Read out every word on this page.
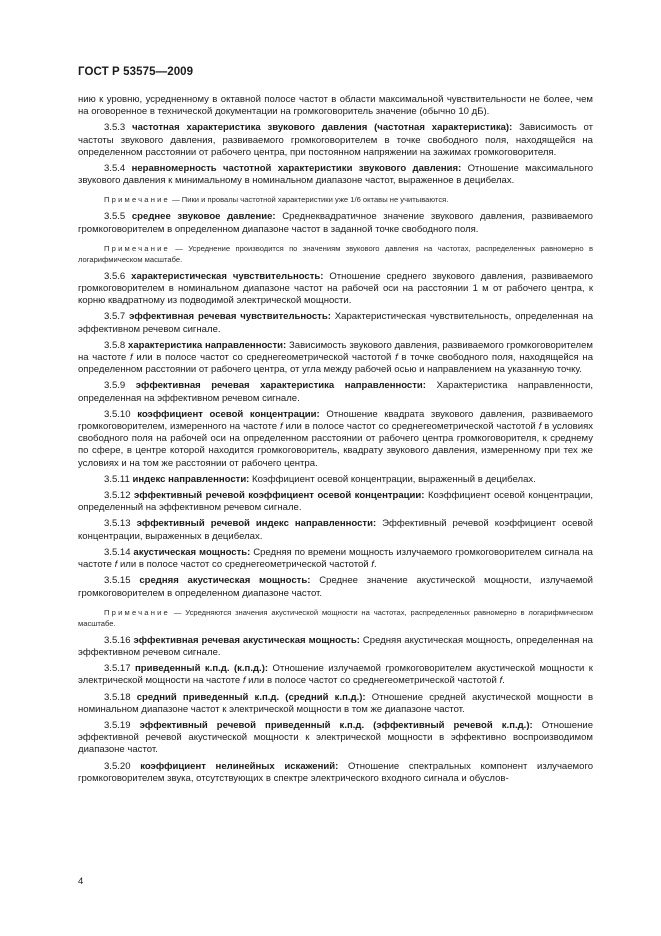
ГОСТ Р 53575—2009

нию к уровню, усредненному в октавной полосе частот в области максимальной чувствительности не более, чем на оговоренное в технической документации на громкоговоритель значение (обычно 10 дБ).

3.5.3 частотная характеристика звукового давления (частотная характеристика): Зависимость от частоты звукового давления, развиваемого громкоговорителем в точке свободного поля, находящейся на определенном расстоянии от рабочего центра, при постоянном напряжении на зажимах громкоговорителя.

3.5.4 неравномерность частотной характеристики звукового давления: Отношение максимального звукового давления к минимальному в номинальном диапазоне частот, выраженное в децибелах.

Примечание — Пики и провалы частотной характеристики уже 1/6 октавы не учитываются.

3.5.5 среднее звуковое давление: Среднеквадратичное значение звукового давления, развиваемого громкоговорителем в определенном диапазоне частот в заданной точке свободного поля.

Примечание — Усреднение производится по значениям звукового давления на частотах, распределенных равномерно в логарифмическом масштабе.

3.5.6 характеристическая чувствительность: Отношение среднего звукового давления, развиваемого громкоговорителем в номинальном диапазоне частот на рабочей оси на расстоянии 1 м от рабочего центра, к корню квадратному из подводимой электрической мощности.

3.5.7 эффективная речевая чувствительность: Характеристическая чувствительность, определенная на эффективном речевом сигнале.

3.5.8 характеристика направленности: Зависимость звукового давления, развиваемого громкоговорителем на частоте f или в полосе частот со среднегеометрической частотой f в точке свободного поля, находящейся на определенном расстоянии от рабочего центра, от угла между рабочей осью и направлением на указанную точку.

3.5.9 эффективная речевая характеристика направленности: Характеристика направленности, определенная на эффективном речевом сигнале.

3.5.10 коэффициент осевой концентрации: Отношение квадрата звукового давления, развиваемого громкоговорителем, измеренного на частоте f или в полосе частот со среднегеометрической частотой f в условиях свободного поля на рабочей оси на определенном расстоянии от рабочего центра громкоговорителя, к среднему по сфере, в центре которой находится громкоговоритель, квадрату звукового давления, измеренному при тех же условиях и на том же расстоянии от рабочего центра.

3.5.11 индекс направленности: Коэффициент осевой концентрации, выраженный в децибелах.

3.5.12 эффективный речевой коэффициент осевой концентрации: Коэффициент осевой концентрации, определенный на эффективном речевом сигнале.

3.5.13 эффективный речевой индекс направленности: Эффективный речевой коэффициент осевой концентрации, выраженных в децибелах.

3.5.14 акустическая мощность: Средняя по времени мощность излучаемого громкоговорителем сигнала на частоте f или в полосе частот со среднегеометрической частотой f.

3.5.15 средняя акустическая мощность: Среднее значение акустической мощности, излучаемой громкоговорителем в определенном диапазоне частот.

Примечание — Усредняются значения акустической мощности на частотах, распределенных равномерно в логарифмическом масштабе.

3.5.16 эффективная речевая акустическая мощность: Средняя акустическая мощность, определенная на эффективном речевом сигнале.

3.5.17 приведенный к.п.д. (к.п.д.): Отношение излучаемой громкоговорителем акустической мощности к электрической мощности на частоте f или в полосе частот со среднегеометрической частотой f.

3.5.18 средний приведенный к.п.д. (средний к.п.д.): Отношение средней акустической мощности в номинальном диапазоне частот к электрической мощности в том же диапазоне частот.

3.5.19 эффективный речевой приведенный к.п.д. (эффективный речевой к.п.д.): Отношение эффективной речевой акустической мощности к электрической мощности в эффективно воспроизводимом диапазоне частот.

3.5.20 коэффициент нелинейных искажений: Отношение спектральных компонент излучаемого громкоговорителем звука, отсутствующих в спектре электрического входного сигнала и обуслов-

4
